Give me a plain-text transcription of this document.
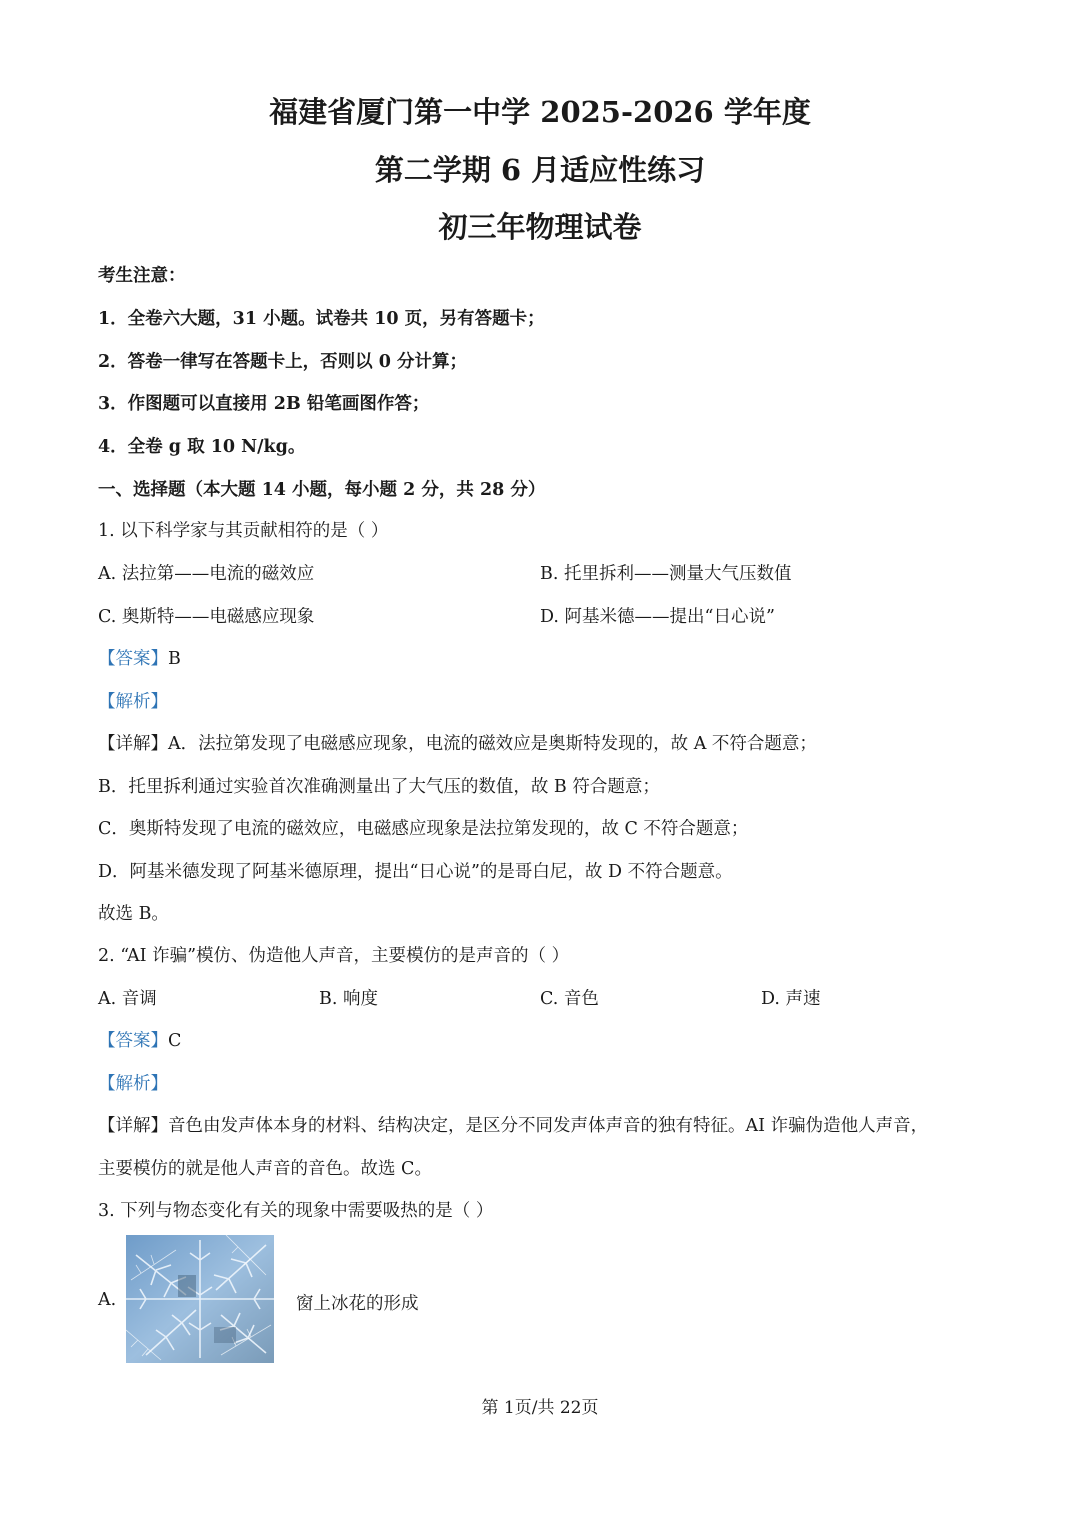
福建省厦门第一中学 2025-2026 学年度
第二学期 6 月适应性练习
初三年物理试卷
考生注意：
1．全卷六大题，31 小题。试卷共 10 页，另有答题卡；
2．答卷一律写在答题卡上，否则以 0 分计算；
3．作图题可以直接用 2B 铅笔画图作答；
4．全卷 g 取 10 N/kg。
一、选择题（本大题 14 小题，每小题 2 分，共 28 分）
1. 以下科学家与其贡献相符的是（ ）
A. 法拉第——电流的磁效应	B. 托里拆利——测量大气压数值
C. 奥斯特——电磁感应现象	D. 阿基米德——提出“日心说”
【答案】B
【解析】
【详解】A．法拉第发现了电磁感应现象，电流的磁效应是奥斯特发现的，故 A 不符合题意；
B．托里拆利通过实验首次准确测量出了大气压的数值，故 B 符合题意；
C．奥斯特发现了电流的磁效应，电磁感应现象是法拉第发现的，故 C 不符合题意；
D．阿基米德发现了阿基米德原理，提出“日心说”的是哥白尼，故 D 不符合题意。
故选 B。
2. “AI 诈骗”模仿、伪造他人声音，主要模仿的是声音的（ ）
A. 音调	B. 响度	C. 音色	D. 声速
【答案】C
【解析】
【详解】音色由发声体本身的材料、结构决定，是区分不同发声体声音的独有特征。AI 诈骗伪造他人声音，
主要模仿的就是他人声音的音色。故选 C。
3. 下列与物态变化有关的现象中需要吸热的是（ ）
A.	窗上冰花的形成
第 1页/共 22页
